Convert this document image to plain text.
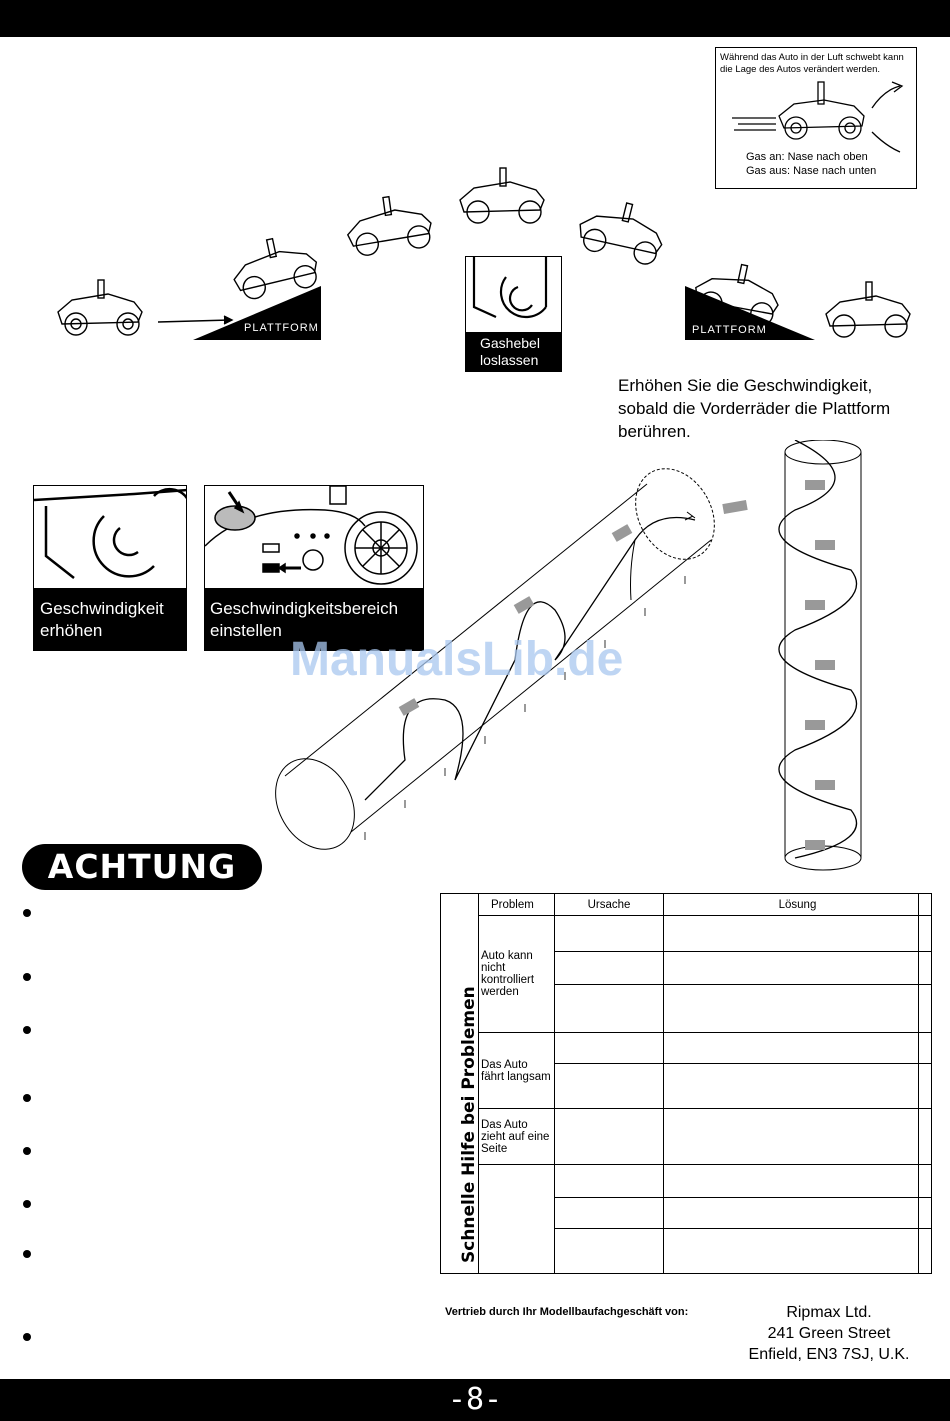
Während das Auto in der Luft schwebt kann die Lage des Autos verändert werden.
Gas an: Nase nach oben
Gas aus: Nase nach unten
PLATTFORM	PLATTFORM
Gashebel
loslassen
Erhöhen Sie die Geschwindigkeit,
sobald die Vorderräder die Plattform
berühren.
Geschwindigkeit
erhöhen
Geschwindigkeitsbereich
einstellen
ManualsLib.de
ACHTUNG
Schnelle Hilfe bei Problemen
Problem	Ursache	Lösung
Auto kann nicht kontrolliert werden		

Das Auto fährt langsam		

Das Auto zieht auf eine Seite		

Vertrieb durch Ihr Modellbaufachgeschäft von:	Ripmax Ltd.
241 Green Street
Enfield, EN3 7SJ, U.K.
-8-
